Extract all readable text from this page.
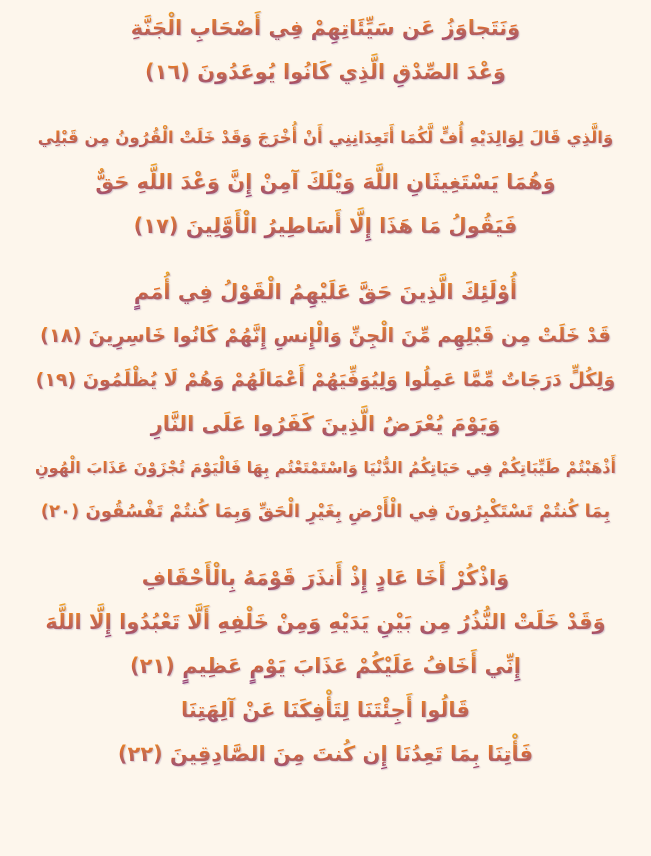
وَنَتَجاوَزُ عَن سَيِّئَاتِهِمْ فِي أَصْحَابِ الْجَنَّةِ
وَعْدَ الصِّدْقِ الَّذِي كَانُوا يُوعَدُونَ (١٦)
وَالَّذِي قَالَ لِوَالِدَيْهِ أُفٍّ لَّكُمَا أَتَعِدَانِنِي أَنْ أُخْرَجَ وَقَدْ خَلَتْ الْقُرُونُ مِن قَبْلِي
وَهُمَا يَسْتَغِيثَانِ اللَّهَ وَيْلَكَ آمِنْ إِنَّ وَعْدَ اللَّهِ حَقٌّ
فَيَقُولُ مَا هَذَا إِلَّا أَسَاطِيرُ الْأَوَّلِينَ (١٧)
أُوْلَئِكَ الَّذِينَ حَقَّ عَلَيْهِمُ الْقَوْلُ فِي أُمَمٍ
قَدْ خَلَتْ مِن قَبْلِهِم مِّنَ الْجِنِّ وَالْإِنسِ إِنَّهُمْ كَانُوا خَاسِرِينَ (١٨)
وَلِكُلٍّ دَرَجَاتٌ مِّمَّا عَمِلُوا وَلِيُوَفِّيَهُمْ أَعْمَالَهُمْ وَهُمْ لَا يُظْلَمُونَ (١٩)
وَيَوْمَ يُعْرَضُ الَّذِينَ كَفَرُوا عَلَى النَّارِ
أَذْهَبْتُمْ طَيِّبَاتِكُمْ فِي حَيَاتِكُمُ الدُّنْيَا وَاسْتَمْتَعْتُم بِهَا فَالْيَوْمَ تُجْزَوْنَ عَذَابَ الْهُونِ
بِمَا كُنتُمْ تَسْتَكْبِرُونَ فِي الْأَرْضِ بِغَيْرِ الْحَقِّ وَبِمَا كُنتُمْ تَفْسُقُونَ (٢٠)
وَاذْكُرْ أَخَا عَادٍ إِذْ أَنذَرَ قَوْمَهُ بِالْأَحْقَافِ
وَقَدْ خَلَتْ النُّذُرُ مِن بَيْنِ يَدَيْهِ وَمِنْ خَلْفِهِ أَلَّا تَعْبُدُوا إِلَّا اللَّهَ
إِنِّي أَخَافُ عَلَيْكُمْ عَذَابَ يَوْمٍ عَظِيمٍ (٢١)
قَالُوا أَجِئْتَنَا لِتَأْفِكَنَا عَنْ آلِهَتِنَا
فَأْتِنَا بِمَا تَعِدُنَا إِن كُنتَ مِنَ الصَّادِقِينَ (٢٢)
